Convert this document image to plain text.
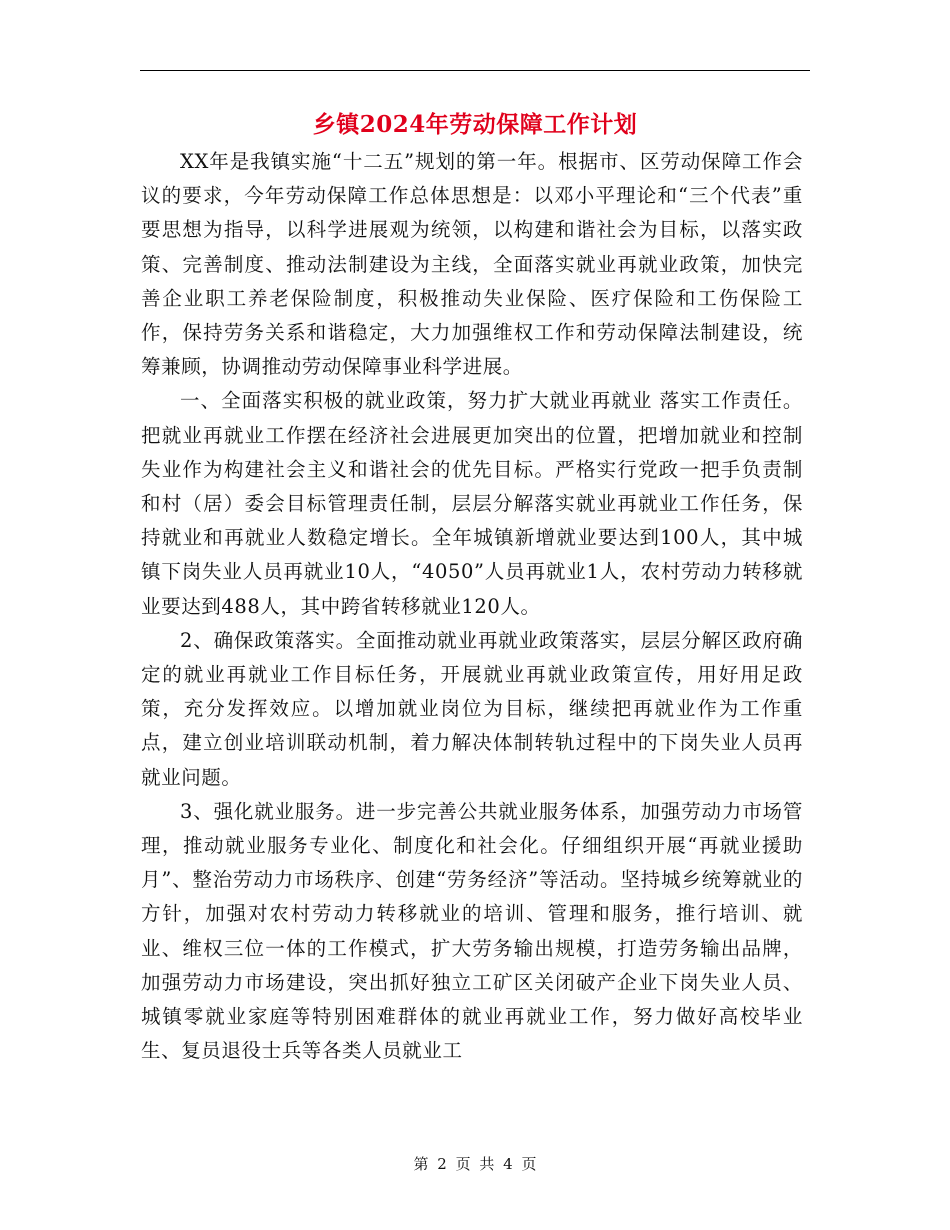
乡镇2024年劳动保障工作计划

XX年是我镇实施“十二五”规划的第一年。根据市、区劳动保障工作会议的要求，今年劳动保障工作总体思想是：以邓小平理论和“三个代表”重要思想为指导，以科学进展观为统领，以构建和谐社会为目标，以落实政策、完善制度、推动法制建设为主线，全面落实就业再就业政策，加快完善企业职工养老保险制度，积极推动失业保险、医疗保险和工伤保险工作，保持劳务关系和谐稳定，大力加强维权工作和劳动保障法制建设，统筹兼顾，协调推动劳动保障事业科学进展。

一、全面落实积极的就业政策，努力扩大就业再就业 落实工作责任。把就业再就业工作摆在经济社会进展更加突出的位置，把增加就业和控制失业作为构建社会主义和谐社会的优先目标。严格实行党政一把手负责制和村（居）委会目标管理责任制，层层分解落实就业再就业工作任务，保持就业和再就业人数稳定增长。全年城镇新增就业要达到100人，其中城镇下岗失业人员再就业10人，“4050”人员再就业1人，农村劳动力转移就业要达到488人，其中跨省转移就业120人。

2、确保政策落实。全面推动就业再就业政策落实，层层分解区政府确定的就业再就业工作目标任务，开展就业再就业政策宣传，用好用足政策，充分发挥效应。以增加就业岗位为目标，继续把再就业作为工作重点，建立创业培训联动机制，着力解决体制转轨过程中的下岗失业人员再就业问题。

3、强化就业服务。进一步完善公共就业服务体系，加强劳动力市场管理，推动就业服务专业化、制度化和社会化。仔细组织开展“再就业援助月”、整治劳动力市场秩序、创建“劳务经济”等活动。坚持城乡统筹就业的方针，加强对农村劳动力转移就业的培训、管理和服务，推行培训、就业、维权三位一体的工作模式，扩大劳务输出规模，打造劳务输出品牌，加强劳动力市场建设，突出抓好独立工矿区关闭破产企业下岗失业人员、城镇零就业家庭等特别困难群体的就业再就业工作，努力做好高校毕业生、复员退役士兵等各类人员就业工

第 2 页 共 4 页
